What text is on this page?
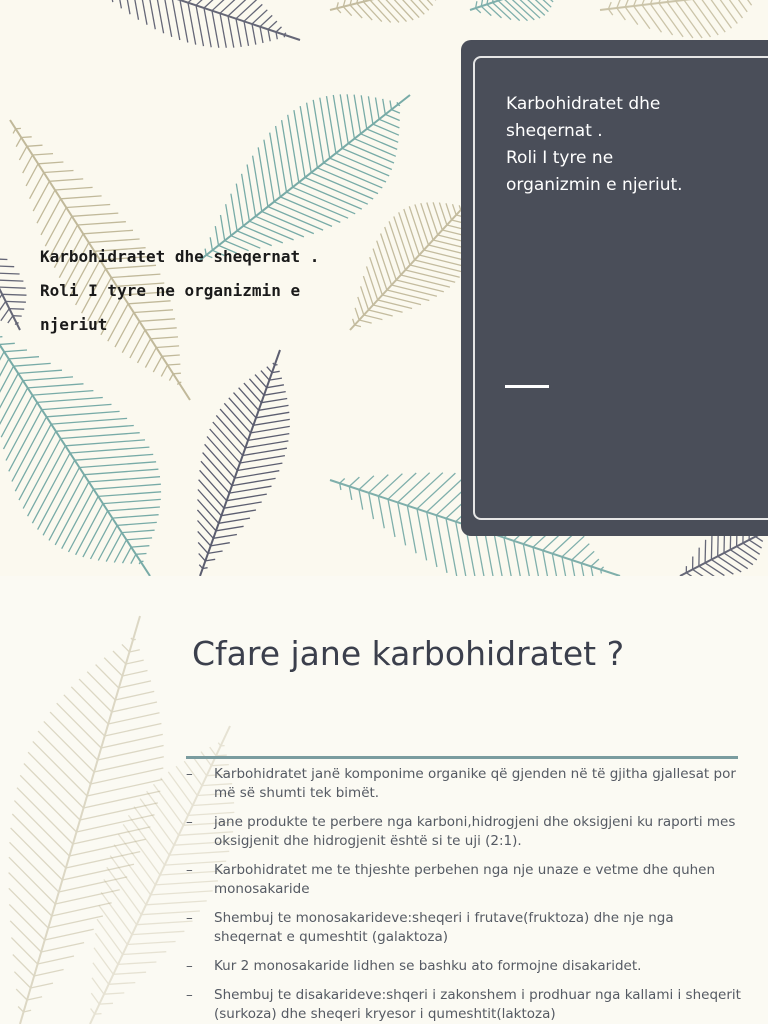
Karbohidratet dhe sheqernat .
Roli I tyre ne organizmin e
njeriut
Karbohidratet dhe
sheqernat .
Roli I tyre ne
organizmin e njeriut.
Cfare jane karbohidratet ?
– Karbohidratet janë komponime organike që gjenden në të gjitha gjallesat por më së shumti tek bimët.
– jane produkte te perbere nga karboni,hidrogjeni dhe oksigjeni ku raporti mes oksigjenit dhe hidrogjenit është si te uji (2:1).
– Karbohidratet me te thjeshte perbehen nga nje unaze e vetme dhe quhen monosakaride
– Shembuj te monosakarideve:sheqeri i frutave(fruktoza) dhe nje nga sheqernat e qumeshtit (galaktoza)
– Kur 2 monosakaride lidhen se bashku ato formojne disakaridet.
– Shembuj te disakarideve:shqeri i zakonshem i prodhuar nga kallami i sheqerit (surkoza) dhe sheqeri kryesor i qumeshtit(laktoza)
